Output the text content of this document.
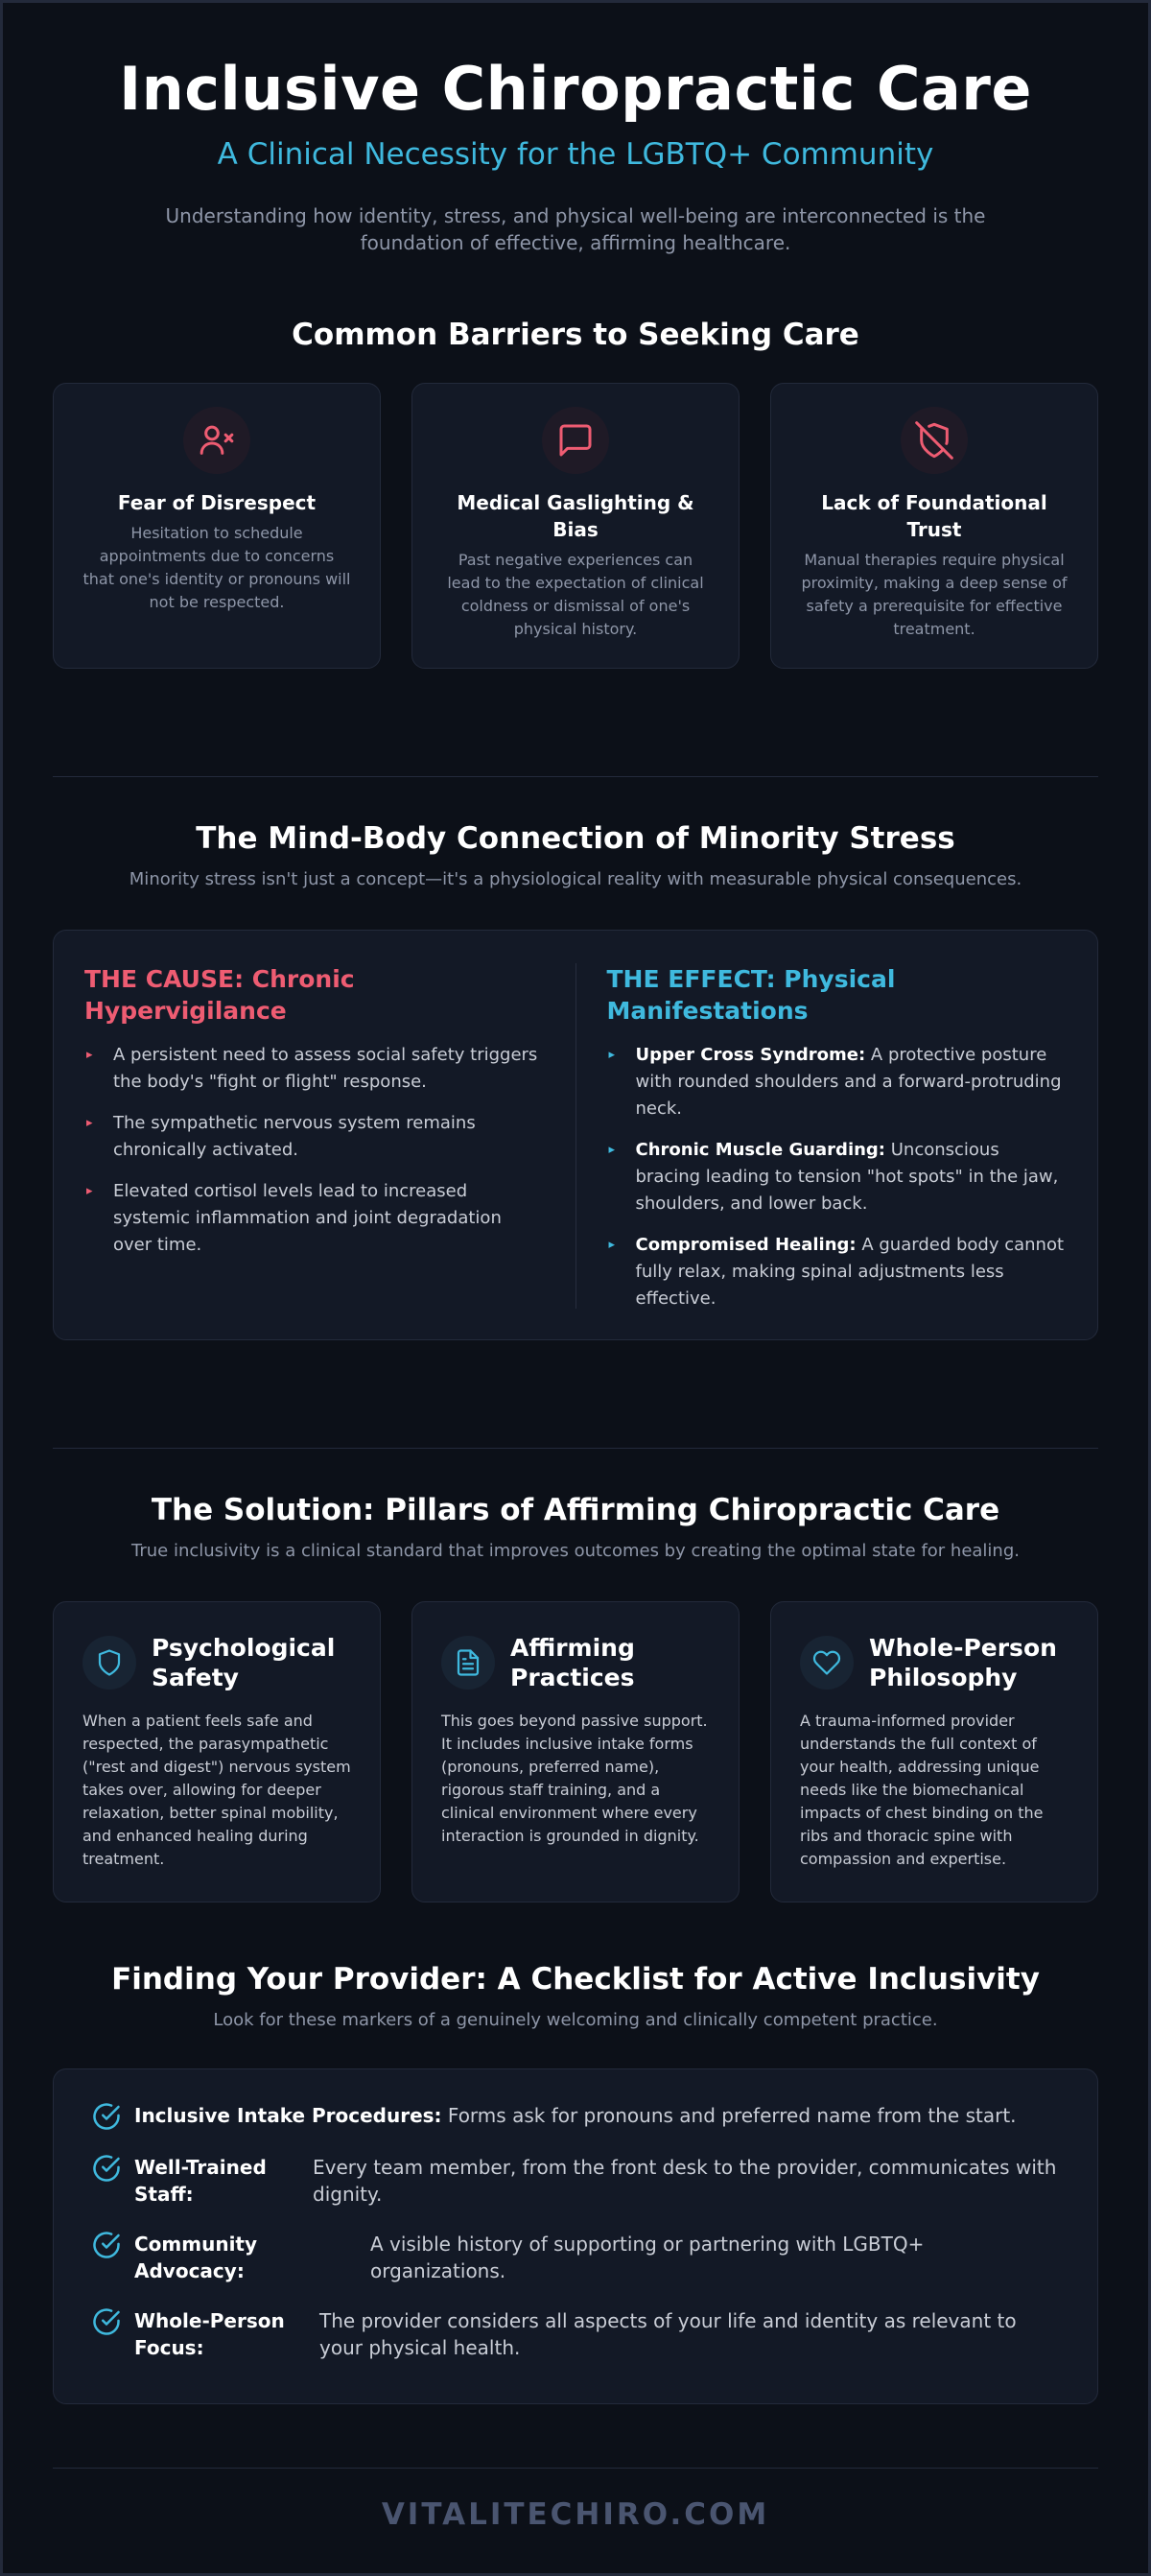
Inclusive Chiropractic Care
A Clinical Necessity for the LGBTQ+ Community

Understanding how identity, stress, and physical well-being are interconnected is the foundation of effective, affirming healthcare.

Common Barriers to Seeking Care
Fear of Disrespect

Hesitation to schedule appointments due to concerns that one's identity or pronouns will not be respected.

Medical Gaslighting & Bias

Past negative experiences can lead to the expectation of clinical coldness or dismissal of one's physical history.

Lack of Foundational Trust

Manual therapies require physical proximity, making a deep sense of safety a prerequisite for effective treatment.

The Mind-Body Connection of Minority Stress

Minority stress isn't just a concept—it's a physiological reality with measurable physical consequences.

THE CAUSE: Chronic Hypervigilance
▸ A persistent need to assess social safety triggers the body's "fight or flight" response.
▸ The sympathetic nervous system remains chronically activated.
▸ Elevated cortisol levels lead to increased systemic inflammation and joint degradation over time.
THE EFFECT: Physical Manifestations
▸ Upper Cross Syndrome: A protective posture with rounded shoulders and a forward-protruding neck.
▸ Chronic Muscle Guarding: Unconscious bracing leading to tension "hot spots" in the jaw, shoulders, and lower back.
▸ Compromised Healing: A guarded body cannot fully relax, making spinal adjustments less effective.
The Solution: Pillars of Affirming Chiropractic Care

True inclusivity is a clinical standard that improves outcomes by creating the optimal state for healing.

Psychological Safety

When a patient feels safe and respected, the parasympathetic ("rest and digest") nervous system takes over, allowing for deeper relaxation, better spinal mobility, and enhanced healing during treatment.

Affirming Practices

This goes beyond passive support. It includes inclusive intake forms (pronouns, preferred name), rigorous staff training, and a clinical environment where every interaction is grounded in dignity.

Whole-Person Philosophy

A trauma-informed provider understands the full context of your health, addressing unique needs like the biomechanical impacts of chest binding on the ribs and thoracic spine with compassion and expertise.

Finding Your Provider: A Checklist for Active Inclusivity

Look for these markers of a genuinely welcoming and clinically competent practice.

Inclusive Intake Procedures: Forms ask for pronouns and preferred name from the start.
Well-Trained Staff:
Every team member, from the front desk to the provider, communicates with dignity.
Community Advocacy:
A visible history of supporting or partnering with LGBTQ+ organizations.
Whole-Person Focus:
The provider considers all aspects of your life and identity as relevant to your physical health.
VITALITECHIRO.COM
